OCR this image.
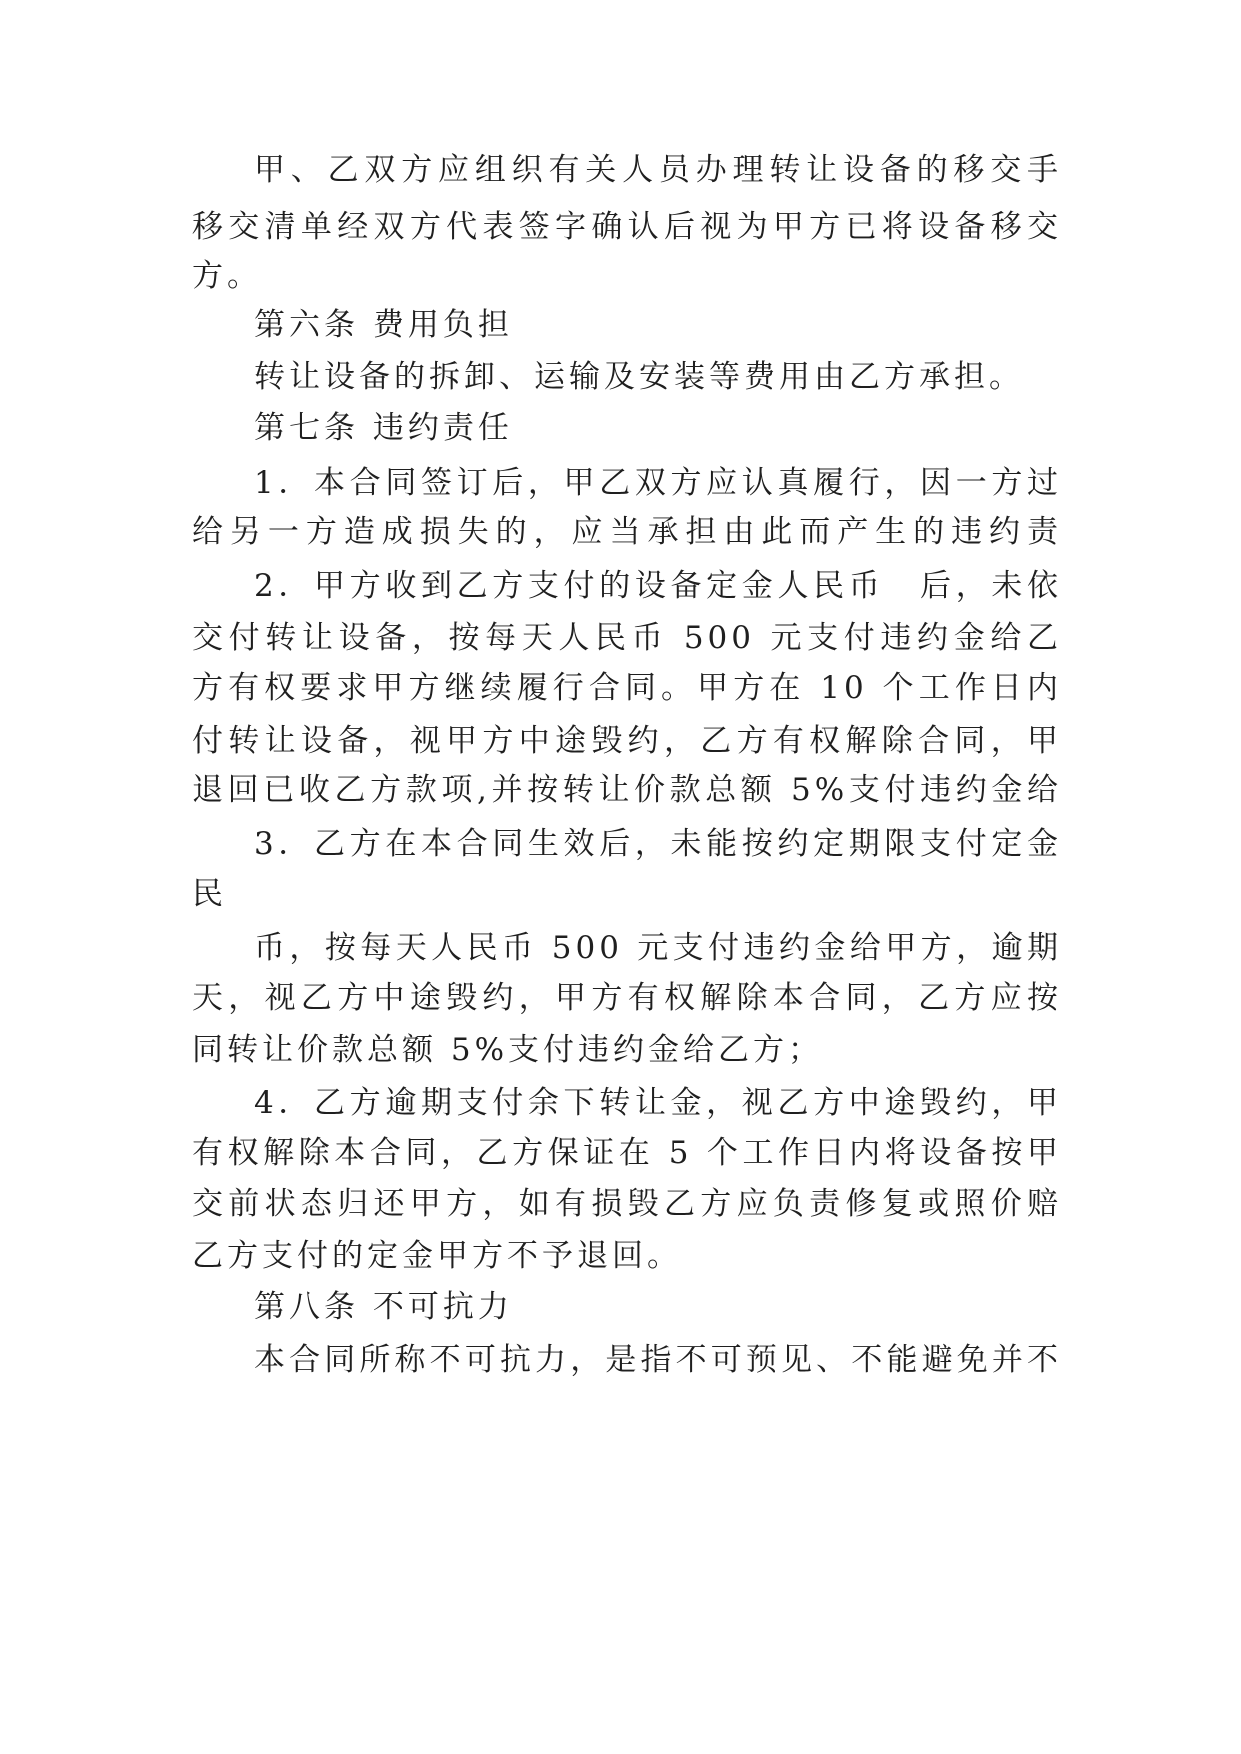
甲、乙双方应组织有关人员办理转让设备的移交手
移交清单经双方代表签字确认后视为甲方已将设备移交
方。
第六条 费用负担
转让设备的拆卸、运输及安装等费用由乙方承担。
第七条 违约责任
1．本合同签订后，甲乙双方应认真履行，因一方过
给另一方造成损失的，应当承担由此而产生的违约责
2．甲方收到乙方支付的设备定金人民币　后，未依
交付转让设备，按每天人民币 500 元支付违约金给乙
方有权要求甲方继续履行合同。甲方在 10 个工作日内
付转让设备，视甲方中途毁约，乙方有权解除合同，甲
退回已收乙方款项,并按转让价款总额 5%支付违约金给
3．乙方在本合同生效后，未能按约定期限支付定金
民
币，按每天人民币 500 元支付违约金给甲方，逾期
天，视乙方中途毁约，甲方有权解除本合同，乙方应按
同转让价款总额 5%支付违约金给乙方；
4．乙方逾期支付余下转让金，视乙方中途毁约，甲
有权解除本合同，乙方保证在 5 个工作日内将设备按甲
交前状态归还甲方，如有损毁乙方应负责修复或照价赔
乙方支付的定金甲方不予退回。
第八条 不可抗力
本合同所称不可抗力，是指不可预见、不能避免并不
